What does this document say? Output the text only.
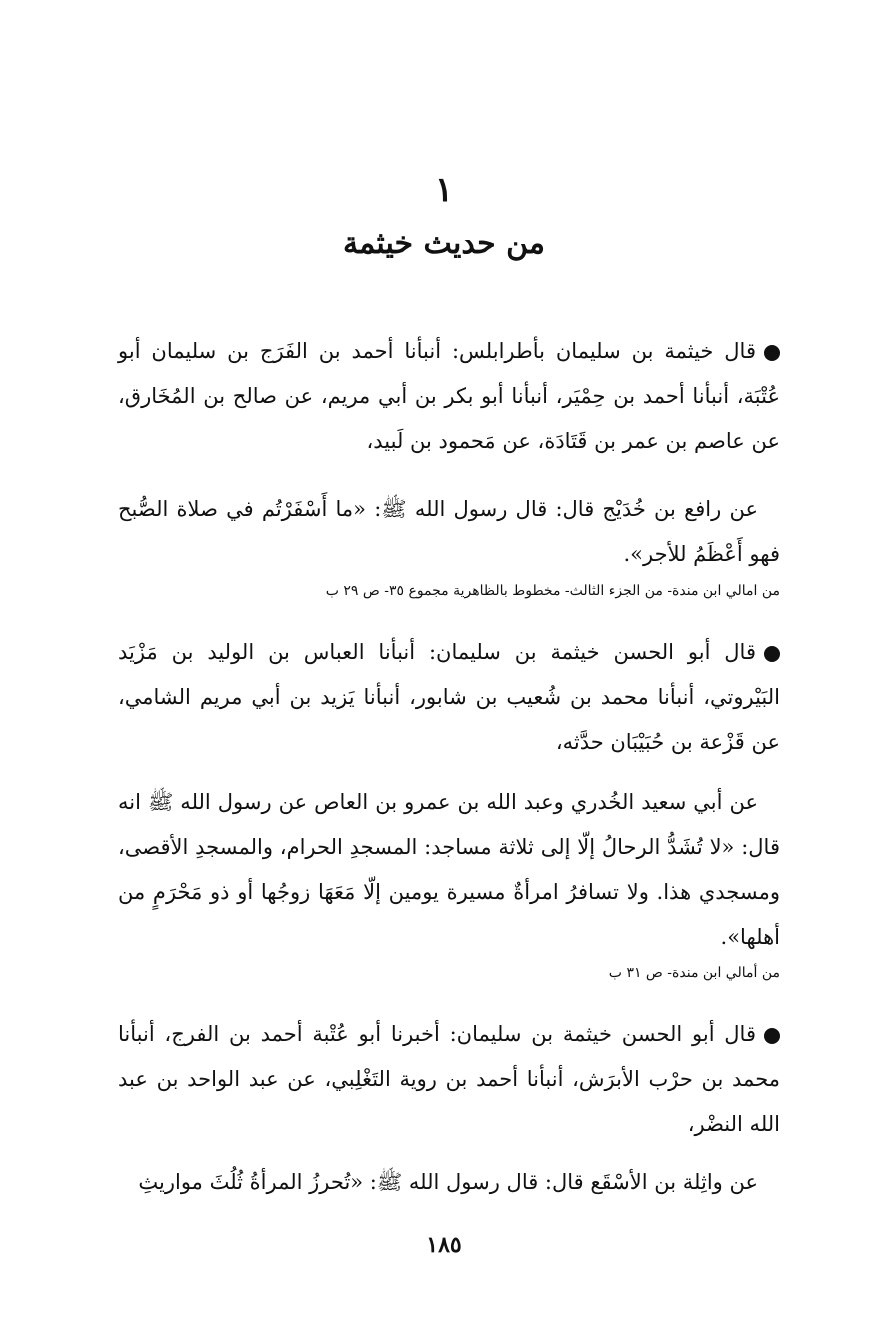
١
من حديث خيثمة

قال خيثمة بن سليمان بأطرابلس: أنبأنا أحمد بن الفَرَج بن سليمان أبو عُتْبَة، أنبأنا أحمد بن حِمْيَر، أنبأنا أبو بكر بن أبي مريم، عن صالح بن المُخَارق، عن عاصم بن عمر بن قَتَادَة، عن مَحمود بن لَبيد،

عن رافع بن خُدَيْج قال: قال رسول الله ﷺ: «ما أَسْفَرْتُم في صلاة الصُّبح فهو أَعْظَمُ للأجر».

من امالي ابن مندة- من الجزء الثالث- مخطوط بالظاهرية مجموع ٣٥- ص ٢٩ ب

قال أبو الحسن خيثمة بن سليمان: أنبأنا العباس بن الوليد بن مَزْيَد البَيْروتي، أنبأنا محمد بن شُعيب بن شابور، أنبأنا يَزيد بن أبي مريم الشامي، عن قَزْعة بن حُبَيْبَان حدَّثه،

عن أبي سعيد الخُدري وعبد الله بن عمرو بن العاص عن رسول الله ﷺ انه قال: «لا تُشَدُّ الرحالُ إلّا إلى ثلاثة مساجد: المسجدِ الحرام، والمسجدِ الأقصى، ومسجدي هذا. ولا تسافرُ امرأةٌ مسيرة يومين إلّا مَعَهَا زوجُها أو ذو مَحْرَمٍ من أهلها».

من أمالي ابن مندة- ص ٣١ ب

قال أبو الحسن خيثمة بن سليمان: أخبرنا أبو عُتْبة أحمد بن الفرج، أنبأنا محمد بن حرْب الأبرَش، أنبأنا أحمد بن روية التَغْلِبي، عن عبد الواحد بن عبد الله النضْر،

عن واثِلة بن الأسْقَع قال: قال رسول الله ﷺ: «تُحرزُ المرأةُ ثُلُثَ مواريثِ

١٨٥
